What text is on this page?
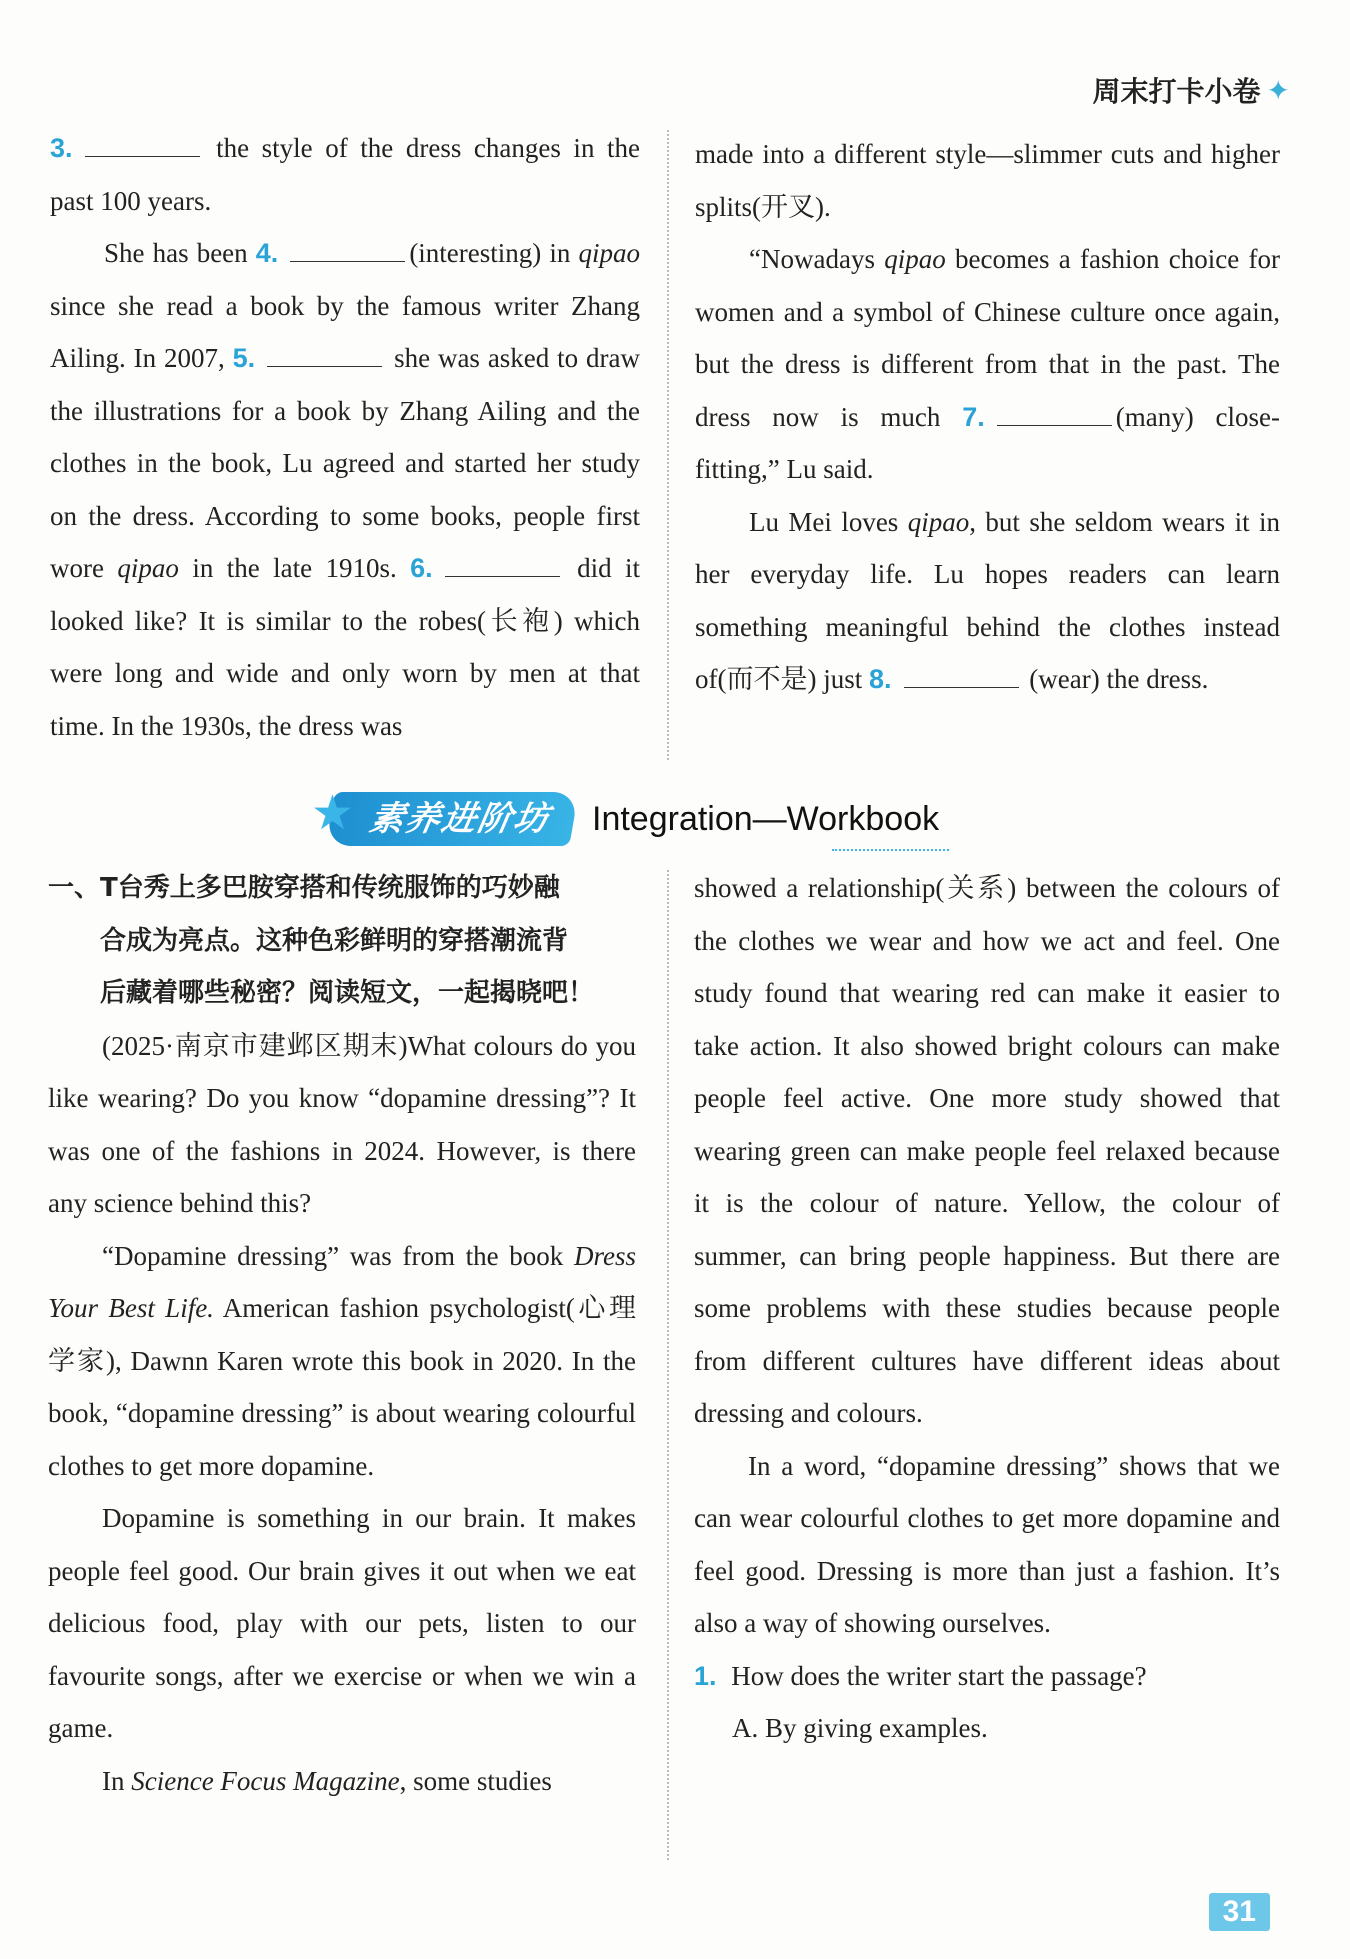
周末打卡小卷 ✦

3.	the style of the dress changes in the past 100 years.

She has been 4.	(interesting) in qipao since she read a book by the famous writer Zhang Ailing. In 2007, 5.	she was asked to draw the illustrations for a book by Zhang Ailing and the clothes in the book, Lu agreed and started her study on the dress. According to some books, people first wore qipao in the late 1910s. 6.	did it looked like? It is similar to the robes(长袍) which were long and wide and only worn by men at that time. In the 1930s, the dress was

made into a different style—slimmer cuts and higher splits(开叉).

“Nowadays qipao becomes a fashion choice for women and a symbol of Chinese culture once again, but the dress is different from that in the past. The dress now is much 7.	(many) close-fitting,” Lu said.

Lu Mei loves qipao, but she seldom wears it in her everyday life. Lu hopes readers can learn something meaningful behind the clothes instead of(而不是) just 8.	(wear) the dress.

★ 素养进阶坊	Integration—Workbook
一、T台秀上多巴胺穿搭和传统服饰的巧妙融
合成为亮点。这种色彩鲜明的穿搭潮流背
后藏着哪些秘密？阅读短文，一起揭晓吧！

(2025·南京市建邺区期末)What colours do you like wearing? Do you know “dopamine dressing”? It was one of the fashions in 2024. However, is there any science behind this?

“Dopamine dressing” was from the book Dress Your Best Life. American fashion psychologist(心理学家), Dawnn Karen wrote this book in 2020. In the book, “dopamine dressing” is about wearing colourful clothes to get more dopamine.

Dopamine is something in our brain. It makes people feel good. Our brain gives it out when we eat delicious food, play with our pets, listen to our favourite songs, after we exercise or when we win a game.

In Science Focus Magazine, some studies

showed a relationship(关系) between the colours of the clothes we wear and how we act and feel. One study found that wearing red can make it easier to take action. It also showed bright colours can make people feel active. One more study showed that wearing green can make people feel relaxed because it is the colour of nature. Yellow, the colour of summer, can bring people happiness. But there are some problems with these studies because people from different cultures have different ideas about dressing and colours.

In a word, “dopamine dressing” shows that we can wear colourful clothes to get more dopamine and feel good. Dressing is more than just a fashion. It’s also a way of showing ourselves.

1. How does the writer start the passage?

A. By giving examples.

31
